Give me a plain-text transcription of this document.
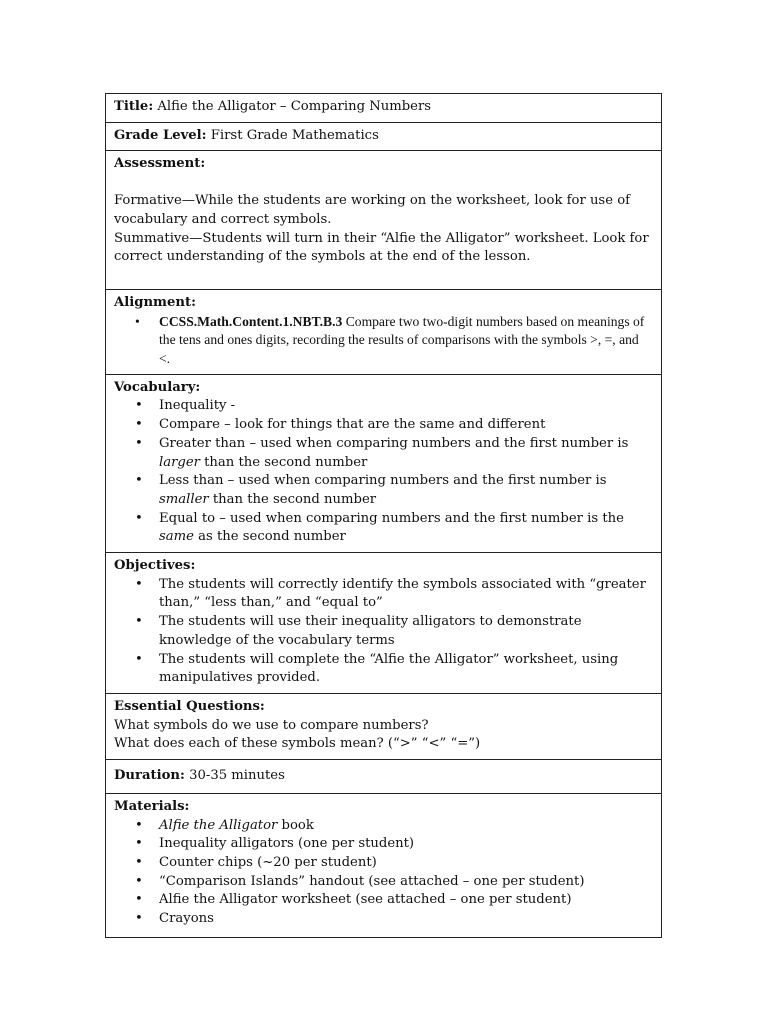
Title: Alfie the Alligator – Comparing Numbers
Grade Level: First Grade Mathematics

Assessment:

Formative—While the students are working on the worksheet, look for use of vocabulary and correct symbols.

Summative—Students will turn in their “Alfie the Alligator” worksheet. Look for correct understanding of the symbols at the end of the lesson.

Alignment:

• CCSS.Math.Content.1.NBT.B.3 Compare two two-digit numbers based on meanings of the tens and ones digits, recording the results of comparisons with the symbols >, =, and <.

Vocabulary:

• Inequality -
• Compare – look for things that are the same and different
• Greater than – used when comparing numbers and the first number is larger than the second number
• Less than – used when comparing numbers and the first number is smaller than the second number
• Equal to – used when comparing numbers and the first number is the same as the second number

Objectives:

• The students will correctly identify the symbols associated with “greater than,” “less than,” and “equal to”
• The students will use their inequality alligators to demonstrate knowledge of the vocabulary terms
• The students will complete the “Alfie the Alligator” worksheet, using manipulatives provided.

Essential Questions:

What symbols do we use to compare numbers?

What does each of these symbols mean? (“>” “<” “=”)

Duration: 30-35 minutes

Materials:

• Alfie the Alligator book
• Inequality alligators (one per student)
• Counter chips (~20 per student)
• “Comparison Islands” handout (see attached – one per student)
• Alfie the Alligator worksheet (see attached – one per student)
• Crayons
